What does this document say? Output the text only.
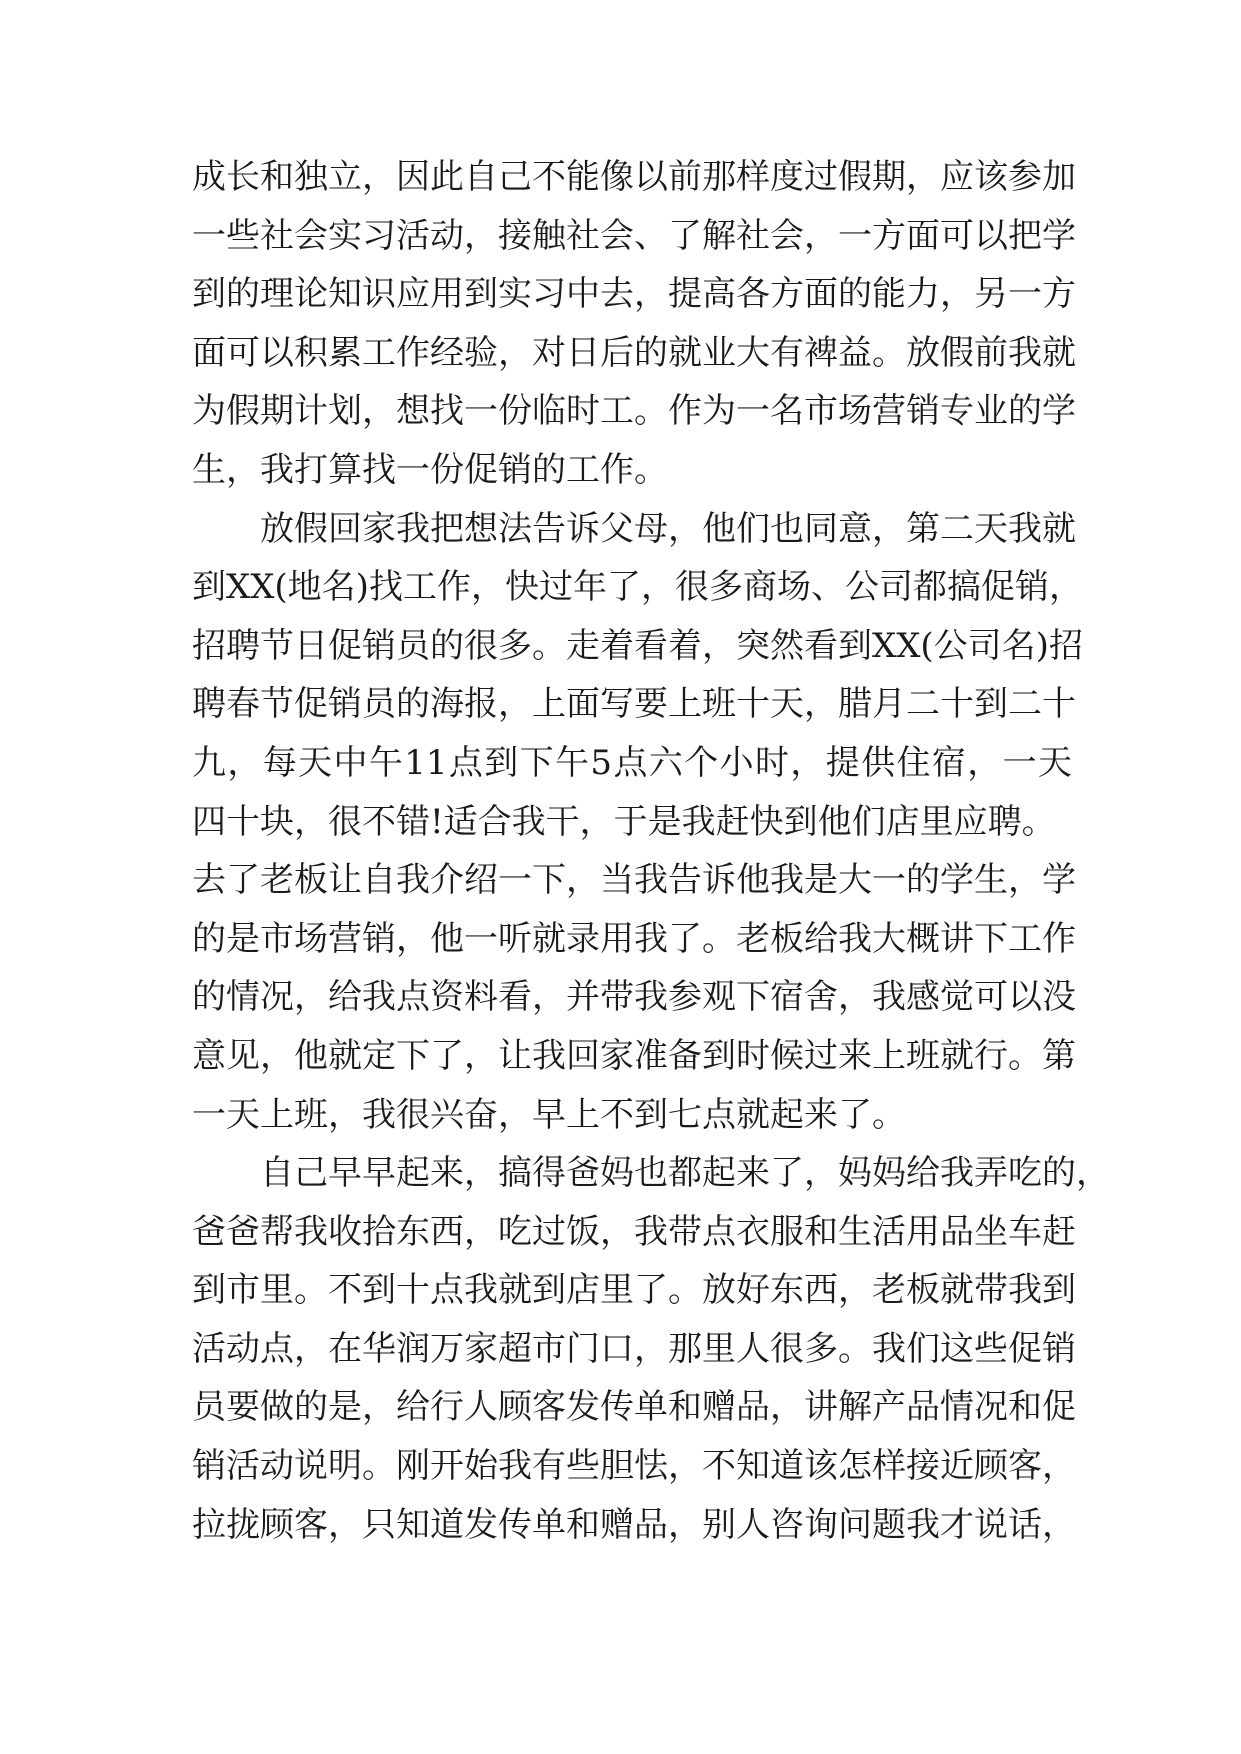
成长和独立，因此自己不能像以前那样度过假期，应该参加
一些社会实习活动，接触社会、了解社会，一方面可以把学
到的理论知识应用到实习中去，提高各方面的能力，另一方
面可以积累工作经验，对日后的就业大有裨益。放假前我就
为假期计划，想找一份临时工。作为一名市场营销专业的学
生，我打算找一份促销的工作。
放假回家我把想法告诉父母，他们也同意，第二天我就
到XX(地名)找工作，快过年了，很多商场、公司都搞促销，
招聘节日促销员的很多。走着看着，突然看到XX(公司名)招
聘春节促销员的海报，上面写要上班十天，腊月二十到二十
九，每天中午11点到下午5点六个小时，提供住宿，一天
四十块，很不错!适合我干，于是我赶快到他们店里应聘。
去了老板让自我介绍一下，当我告诉他我是大一的学生，学
的是市场营销，他一听就录用我了。老板给我大概讲下工作
的情况，给我点资料看，并带我参观下宿舍，我感觉可以没
意见，他就定下了，让我回家准备到时候过来上班就行。第
一天上班，我很兴奋，早上不到七点就起来了。
自己早早起来，搞得爸妈也都起来了，妈妈给我弄吃的，
爸爸帮我收拾东西，吃过饭，我带点衣服和生活用品坐车赶
到市里。不到十点我就到店里了。放好东西，老板就带我到
活动点，在华润万家超市门口，那里人很多。我们这些促销
员要做的是，给行人顾客发传单和赠品，讲解产品情况和促
销活动说明。刚开始我有些胆怯，不知道该怎样接近顾客，
拉拢顾客，只知道发传单和赠品，别人咨询问题我才说话，
